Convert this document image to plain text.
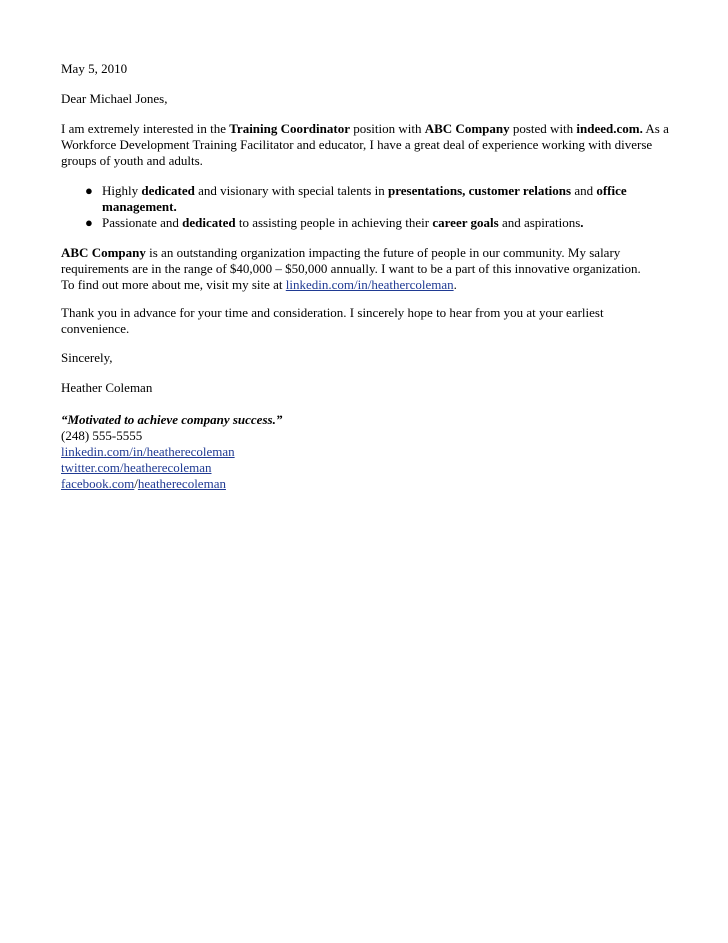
May 5, 2010

Dear Michael Jones,

I am extremely interested in the Training Coordinator position with ABC Company posted with indeed.com. As a Workforce Development Training Facilitator and educator, I have a great deal of experience working with diverse groups of youth and adults.

● Highly dedicated and visionary with special talents in presentations, customer relations and office management.
● Passionate and dedicated to assisting people in achieving their career goals and aspirations.

ABC Company is an outstanding organization impacting the future of people in our community. My salary requirements are in the range of $40,000 – $50,000 annually. I want to be a part of this innovative organization.
To find out more about me, visit my site at linkedin.com/in/heathercoleman.

Thank you in advance for your time and consideration. I sincerely hope to hear from you at your earliest convenience.

Sincerely,

Heather Coleman

“Motivated to achieve company success.”
(248) 555-5555
linkedin.com/in/heatherecoleman
twitter.com/heatherecoleman
facebook.com/heatherecoleman
